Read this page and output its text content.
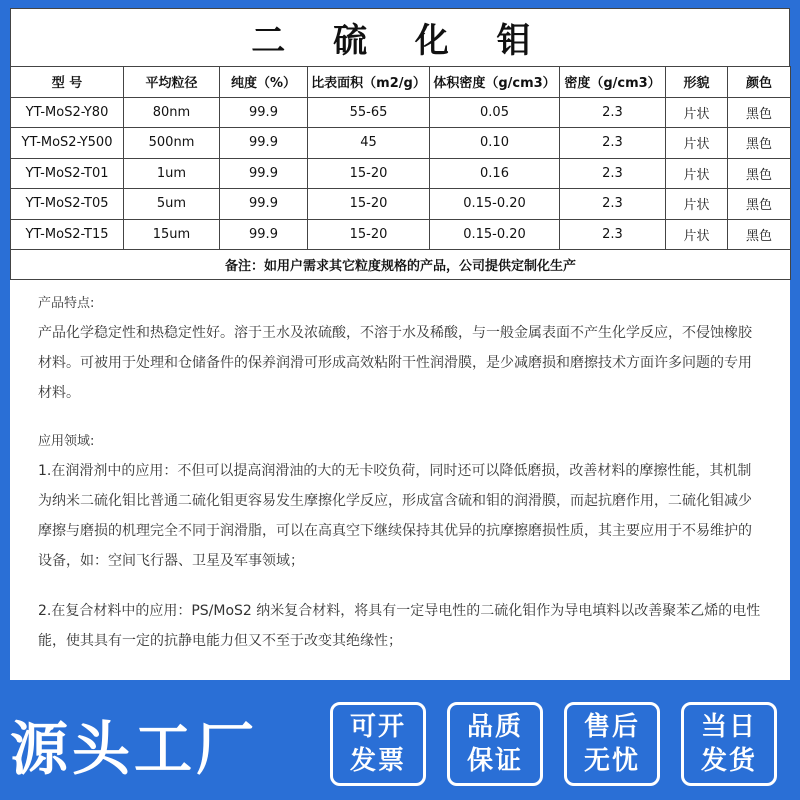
二 硫 化 钼
型 号	平均粒径	纯度（%）	比表面积（m2/g）	体积密度（g/cm3）	密度（g/cm3）	形貌	颜色
YT-MoS2-Y80	80nm	99.9	55-65	0.05	2.3	片状	黑色
YT-MoS2-Y500	500nm	99.9	45	0.10	2.3	片状	黑色
YT-MoS2-T01	1um	99.9	15-20	0.16	2.3	片状	黑色
YT-MoS2-T05	5um	99.9	15-20	0.15-0.20	2.3	片状	黑色
YT-MoS2-T15	15um	99.9	15-20	0.15-0.20	2.3	片状	黑色
备注：如用户需求其它粒度规格的产品，公司提供定制化生产							

产品特点:

产品化学稳定性和热稳定性好。溶于王水及浓硫酸，不溶于水及稀酸，与一般金属表面不产生化学反应，不侵蚀橡胶材料。可被用于处理和仓储备件的保养润滑可形成高效粘附干性润滑膜，是少减磨损和磨擦技术方面许多问题的专用材料。

应用领域:

1.在润滑剂中的应用：不但可以提高润滑油的大的无卡咬负荷，同时还可以降低磨损，改善材料的摩擦性能，其机制为纳米二硫化钼比普通二硫化钼更容易发生摩擦化学反应，形成富含硫和钼的润滑膜，而起抗磨作用，二硫化钼减少摩擦与磨损的机理完全不同于润滑脂，可以在高真空下继续保持其优异的抗摩擦磨损性质，其主要应用于不易维护的设备，如：空间飞行器、卫星及军事领域；

2.在复合材料中的应用：PS/MoS2 纳米复合材料，将具有一定导电性的二硫化钼作为导电填料以改善聚苯乙烯的电性能，使其具有一定的抗静电能力但又不至于改变其绝缘性；

源头工厂	可开
发票
品质
保证
售后
无忧
当日
发货
